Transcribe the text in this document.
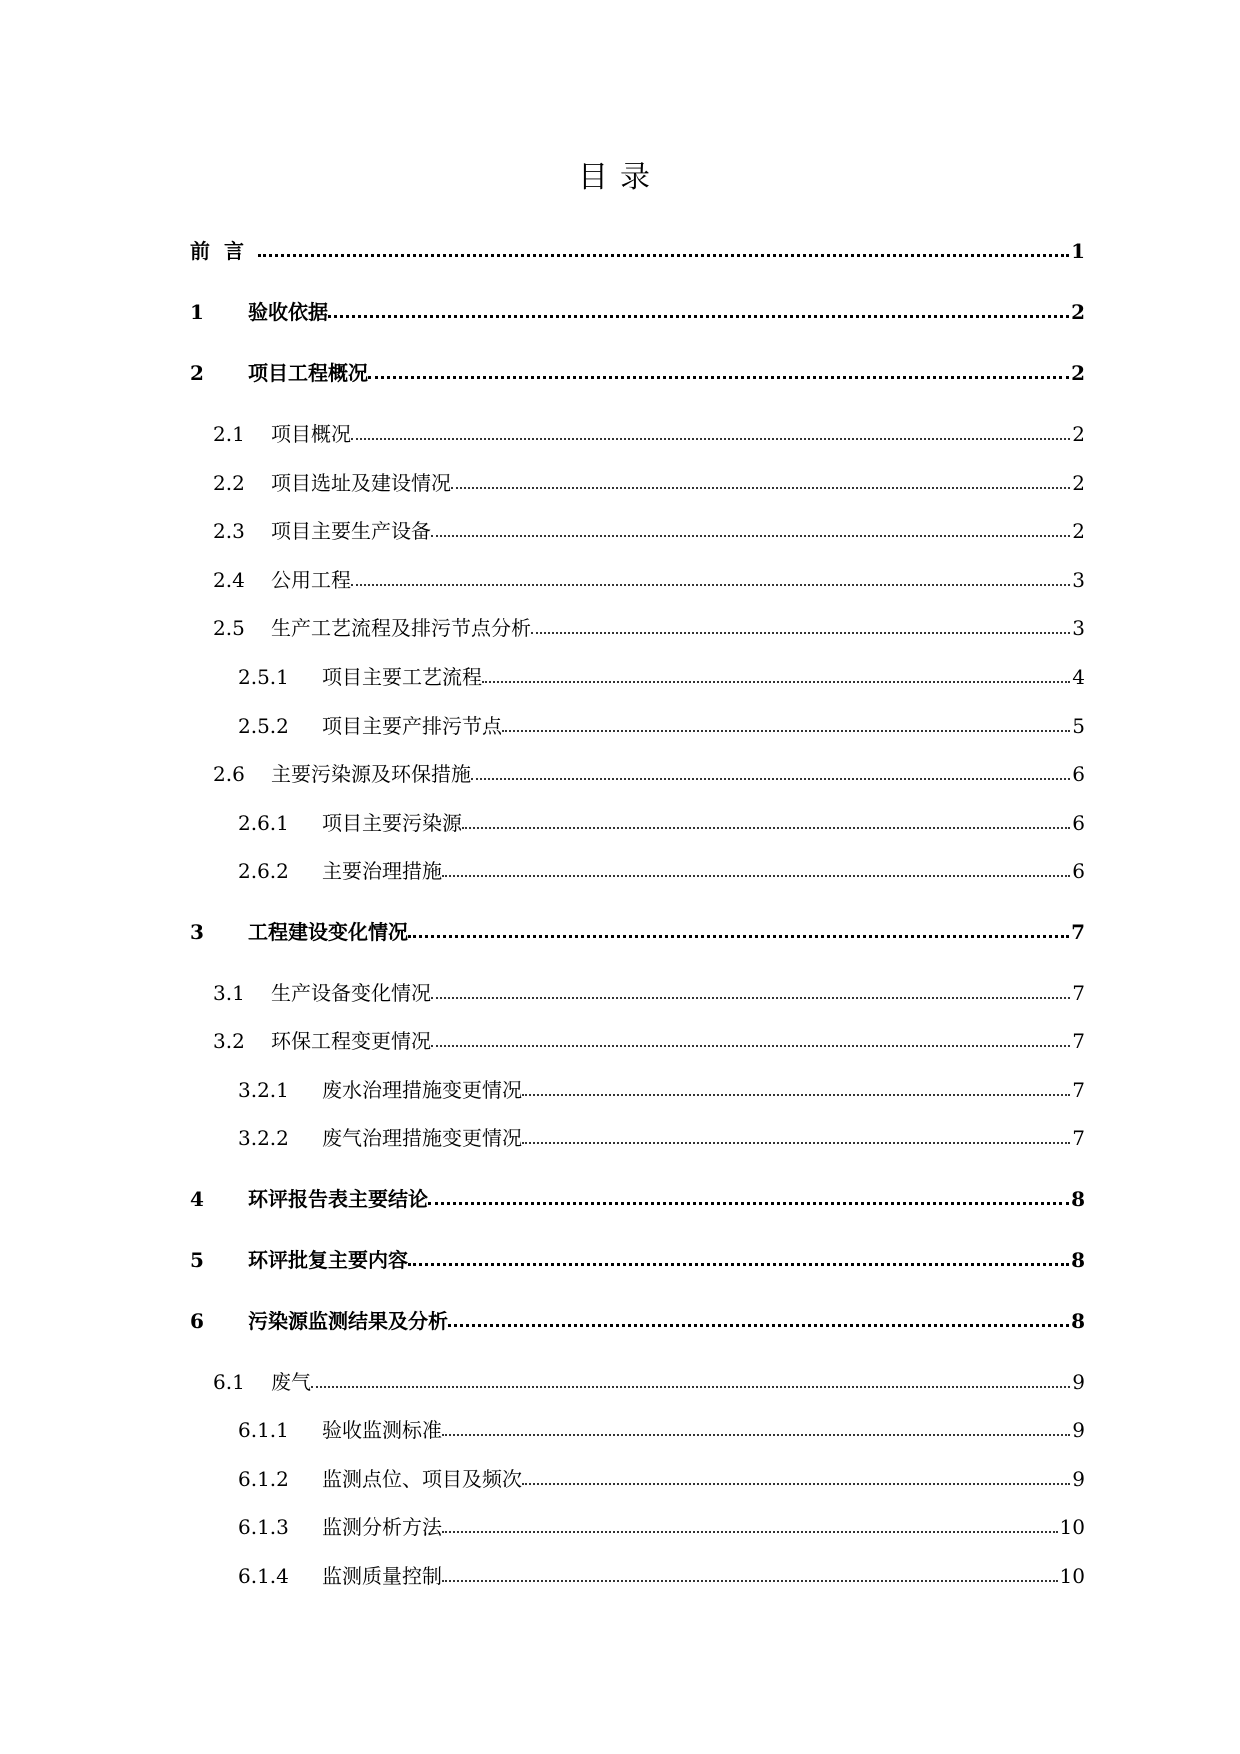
目录
前言	1
1	验收依据	2
2	项目工程概况	2
2.1	项目概况	2
2.2	项目选址及建设情况	2
2.3	项目主要生产设备	2
2.4	公用工程	3
2.5	生产工艺流程及排污节点分析	3
2.5.1	项目主要工艺流程	4
2.5.2	项目主要产排污节点	5
2.6	主要污染源及环保措施	6
2.6.1	项目主要污染源	6
2.6.2	主要治理措施	6
3	工程建设变化情况	7
3.1	生产设备变化情况	7
3.2	环保工程变更情况	7
3.2.1	废水治理措施变更情况	7
3.2.2	废气治理措施变更情况	7
4	环评报告表主要结论	8
5	环评批复主要内容	8
6	污染源监测结果及分析	8
6.1	废气	9
6.1.1	验收监测标准	9
6.1.2	监测点位、项目及频次	9
6.1.3	监测分析方法	10
6.1.4	监测质量控制	10
